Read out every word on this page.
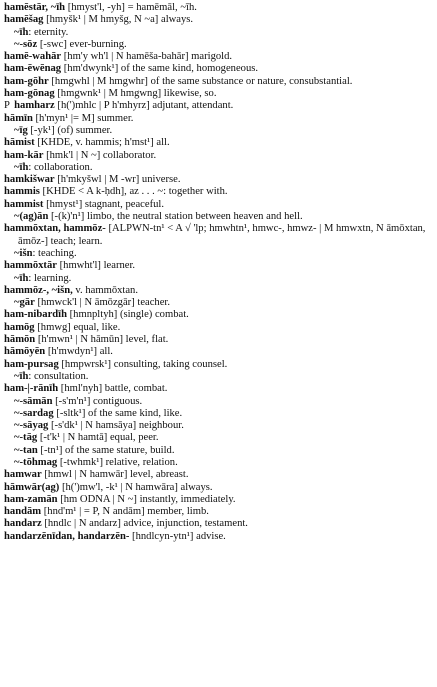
hamēstār, ~īh [hmyst'l, -yh] = hamēmāl, ~īh.

hamēšag [hmyšk¹ | M hmyšg, N ~a] always.

~īh: eternity.

~-sōz [-swc] ever-burning.

hamē-wahār [hm'y wh'l | N hamēša-bahār] marigold.

ham-ēwēnag [hm'dwynk¹] of the same kind, homogeneous.

ham-gōhr [hmgwhl | M hmgwhr] of the same substance or nature, consubstantial.

ham-gōnag [hmgwnk¹ | M hmgwng] likewise, so.

P hamharz [h(')mhlc | P h'mhyrz] adjutant, attendant.

hāmīn [h'myn¹ |= M] summer.

~īg [-yk¹] (of) summer.

hāmist [KHDE, v. hammis; h'mst¹] all.

ham-kār [hmk'l | N ~] collaborator.

~īh: collaboration.

hamkišwar [h'mkyšwl | M -wr] universe.

hammis [KHDE < A k-ḥdh], az . . . ~: together with.

hammist [hmyst¹] stagnant, peaceful.

~(ag)ān [-(k)'n¹] limbo, the neutral station between heaven and hell.

hammōxtan, hammōz- [ALPWN-tn¹ < A √ 'lp; hmwhtn¹, hmwc-, hmwz- | M hmwxtn, N āmōxtan, āmōz-] teach; learn.

~išn: teaching.

hammōxtār [hmwht'l] learner.

~īh: learning.

hammōz-, ~išn, v. hammōxtan.

~gār [hmwck'l | N āmōzgār] teacher.

ham-nibardīh [hmnpltyh] (single) combat.

hamōg [hmwg] equal, like.

hāmōn [h'mwn¹ | N hāmūn] level, flat.

hāmōyēn [h'mwdyn¹] all.

ham-pursag [hmpwrsk¹] consulting, taking counsel.

~īh: consultation.

ham-|-rānīh [hml'nyh] battle, combat.

~-sāmān [-s'm'n¹] contiguous.

~-sardag [-sltk¹] of the same kind, like.

~-sāyag [-s'dk¹ | N hamsāya] neighbour.

~-tāg [-t'k¹ | N hamtā] equal, peer.

~-tan [-tn¹] of the same stature, build.

~-tōhmag [-twhmk¹] relative, relation.

hamwar [hmwl | N hamwār] level, abreast.

hāmwār(ag) [h(')mw'l, -k¹ | N hamwāra] always.

ham-zamān [hm ODNA | N ~] instantly, immediately.

handām [hnd'm¹ | = P, N andām] member, limb.

handarz [hndlc | N andarz] advice, injunction, testament.

handarzēnīdan, handarzēn- [hndlcyn-ytn¹] advise.
